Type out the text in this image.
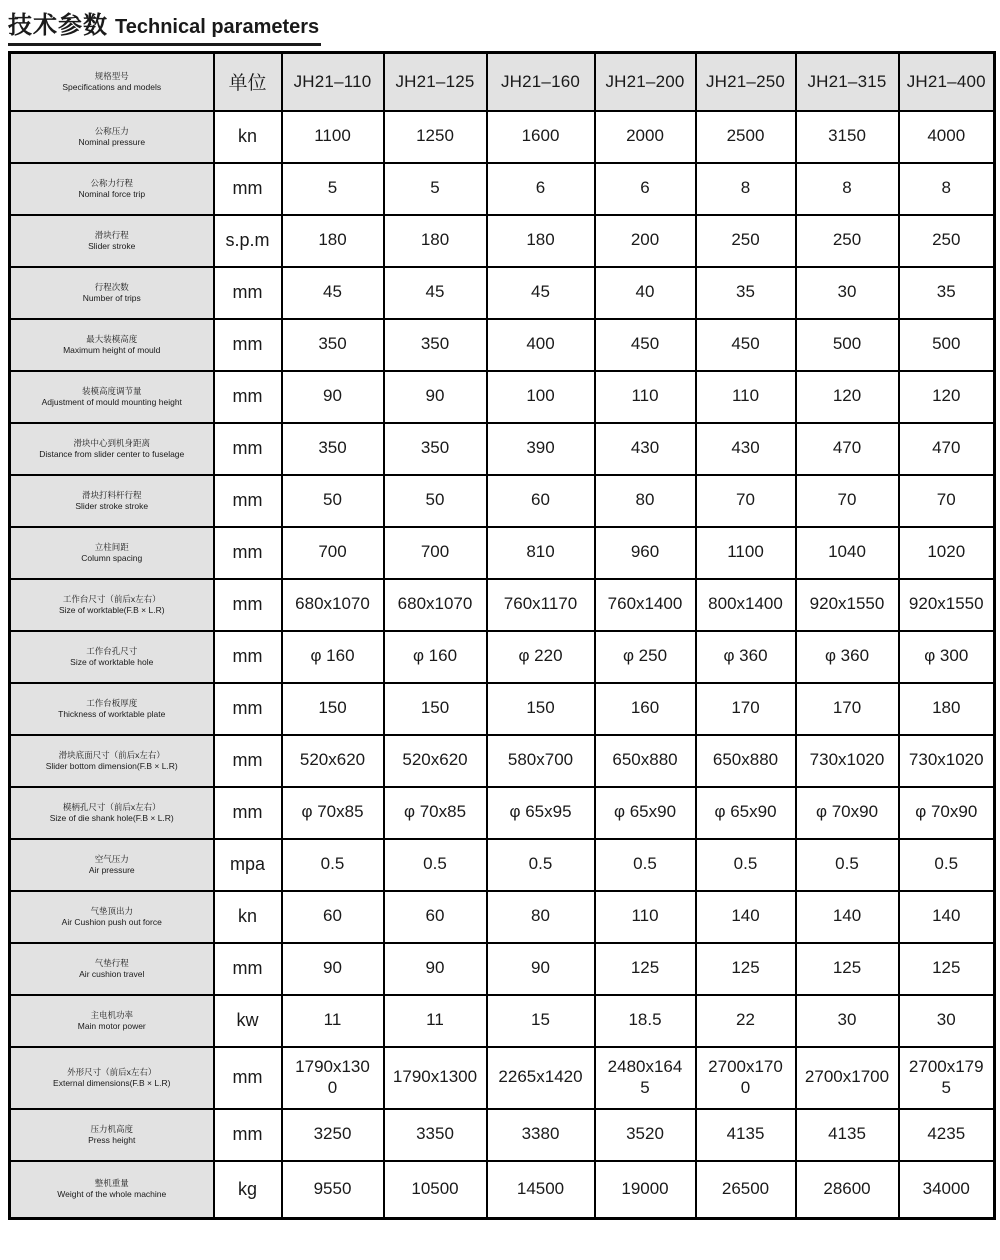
技术参数 Technical parameters
规格型号
Specifications and models	单位	JH21–110	JH21–125	JH21–160	JH21–200	JH21–250	JH21–315	JH21–400

公称压力
Nominal pressure	kn	1100	1250	1600	2000	2500	3150	4000

公称力行程
Nominal force trip	mm	5	5	6	6	8	8	8

滑块行程
Slider stroke	s.p.m	180	180	180	200	250	250	250

行程次数
Number of trips	mm	45	45	45	40	35	30	35

最大装模高度
Maximum height of mould	mm	350	350	400	450	450	500	500

装模高度调节量
Adjustment of mould mounting height	mm	90	90	100	110	110	120	120

滑块中心到机身距离
Distance from slider center to fuselage	mm	350	350	390	430	430	470	470

滑块打料杆行程
Slider stroke stroke	mm	50	50	60	80	70	70	70

立柱间距
Column spacing	mm	700	700	810	960	1100	1040	1020

工作台尺寸（前后x左右）
Size of worktable(F.B × L.R)	mm	680x1070	680x1070	760x1170	760x1400	800x1400	920x1550	920x1550

工作台孔尺寸
Size of worktable hole	mm	φ 160	φ 160	φ 220	φ 250	φ 360	φ 360	φ 300

工作台板厚度
Thickness of worktable plate	mm	150	150	150	160	170	170	180

滑块底面尺寸（前后x左右）
Slider bottom dimension(F.B × L.R)	mm	520x620	520x620	580x700	650x880	650x880	730x1020	730x1020

模柄孔尺寸（前后x左右）
Size of die shank hole(F.B × L.R)	mm	φ 70x85	φ 70x85	φ 65x95	φ 65x90	φ 65x90	φ 70x90	φ 70x90

空气压力
Air pressure	mpa	0.5	0.5	0.5	0.5	0.5	0.5	0.5

气垫顶出力
Air Cushion push out force	kn	60	60	80	110	140	140	140

气垫行程
Air cushion travel	mm	90	90	90	125	125	125	125

主电机功率
Main motor power	kw	11	11	15	18.5	22	30	30

外形尺寸（前后x左右）
External dimensions(F.B × L.R)	mm	1790x1300	1790x1300	2265x1420	2480x1645	2700x1700	2700x1700	2700x1795

压力机高度
Press height	mm	3250	3350	3380	3520	4135	4135	4235

整机重量
Weight of the whole machine	kg	9550	10500	14500	19000	26500	28600	34000
